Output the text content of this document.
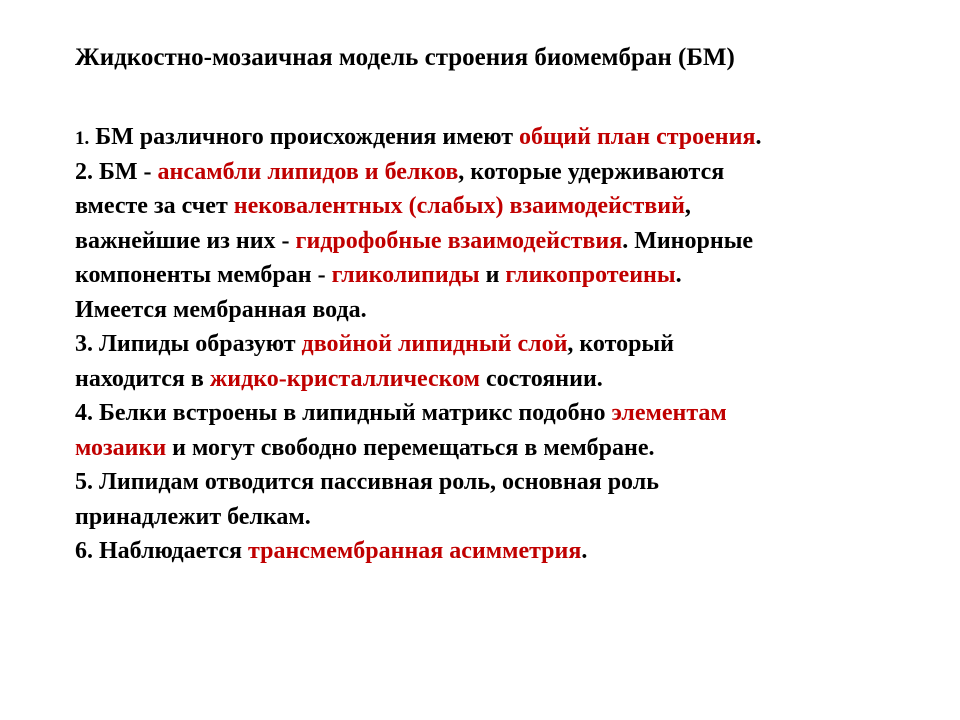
Жидкостно-мозаичная модель строения биомембран (БМ)
1. БМ различного происхождения имеют общий план строения.
2. БМ - ансамбли липидов и белков, которые удерживаются
вместе за счет нековалентных (слабых) взаимодействий,
важнейшие из них - гидрофобные взаимодействия. Минорные
компоненты мембран - гликолипиды и гликопротеины.
Имеется мембранная вода.
3. Липиды образуют двойной липидный слой, который
находится в жидко-кристаллическом состоянии.
4. Белки встроены в липидный матрикс подобно элементам
мозаики и могут свободно перемещаться в мембране.
5. Липидам отводится пассивная роль, основная роль
принадлежит белкам.
6. Наблюдается трансмембранная асимметрия.
